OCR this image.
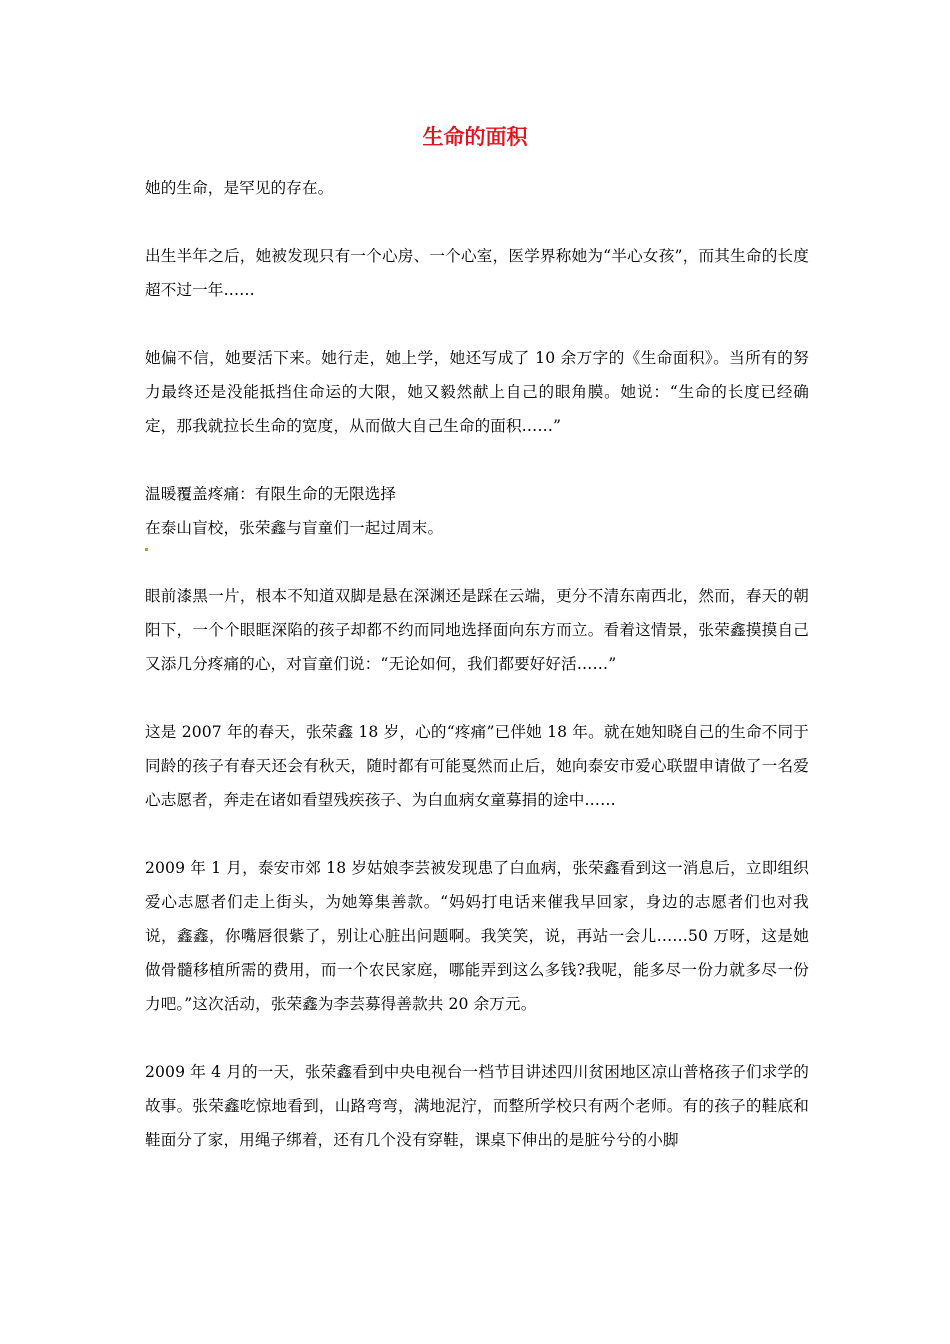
生命的面积

她的生命，是罕见的存在。

出生半年之后，她被发现只有一个心房、一个心室，医学界称她为“半心女孩”，而其生命的长度超不过一年……

她偏不信，她要活下来。她行走，她上学，她还写成了 10 余万字的《生命面积》。当所有的努力最终还是没能抵挡住命运的大限，她又毅然献上自己的眼角膜。她说：“生命的长度已经确定，那我就拉长生命的宽度，从而做大自己生命的面积……”

温暖覆盖疼痛：有限生命的无限选择

在泰山盲校，张荣鑫与盲童们一起过周末。

眼前漆黑一片，根本不知道双脚是悬在深渊还是踩在云端，更分不清东南西北，然而，春天的朝阳下，一个个眼眶深陷的孩子却都不约而同地选择面向东方而立。看着这情景，张荣鑫摸摸自己又添几分疼痛的心，对盲童们说：“无论如何，我们都要好好活……”

这是 2007 年的春天，张荣鑫 18 岁，心的“疼痛”已伴她 18 年。就在她知晓自己的生命不同于同龄的孩子有春天还会有秋天，随时都有可能戛然而止后，她向泰安市爱心联盟申请做了一名爱心志愿者，奔走在诸如看望残疾孩子、为白血病女童募捐的途中……

2009 年 1 月，泰安市郊 18 岁姑娘李芸被发现患了白血病，张荣鑫看到这一消息后，立即组织爱心志愿者们走上街头，为她筹集善款。“妈妈打电话来催我早回家，身边的志愿者们也对我说，鑫鑫，你嘴唇很紫了，别让心脏出问题啊。我笑笑，说，再站一会儿……50 万呀，这是她做骨髓移植所需的费用，而一个农民家庭，哪能弄到这么多钱?我呢，能多尽一份力就多尽一份力吧。”这次活动，张荣鑫为李芸募得善款共 20 余万元。

2009 年 4 月的一天，张荣鑫看到中央电视台一档节目讲述四川贫困地区凉山普格孩子们求学的故事。张荣鑫吃惊地看到，山路弯弯，满地泥泞，而整所学校只有两个老师。有的孩子的鞋底和鞋面分了家，用绳子绑着，还有几个没有穿鞋，课桌下伸出的是脏兮兮的小脚
